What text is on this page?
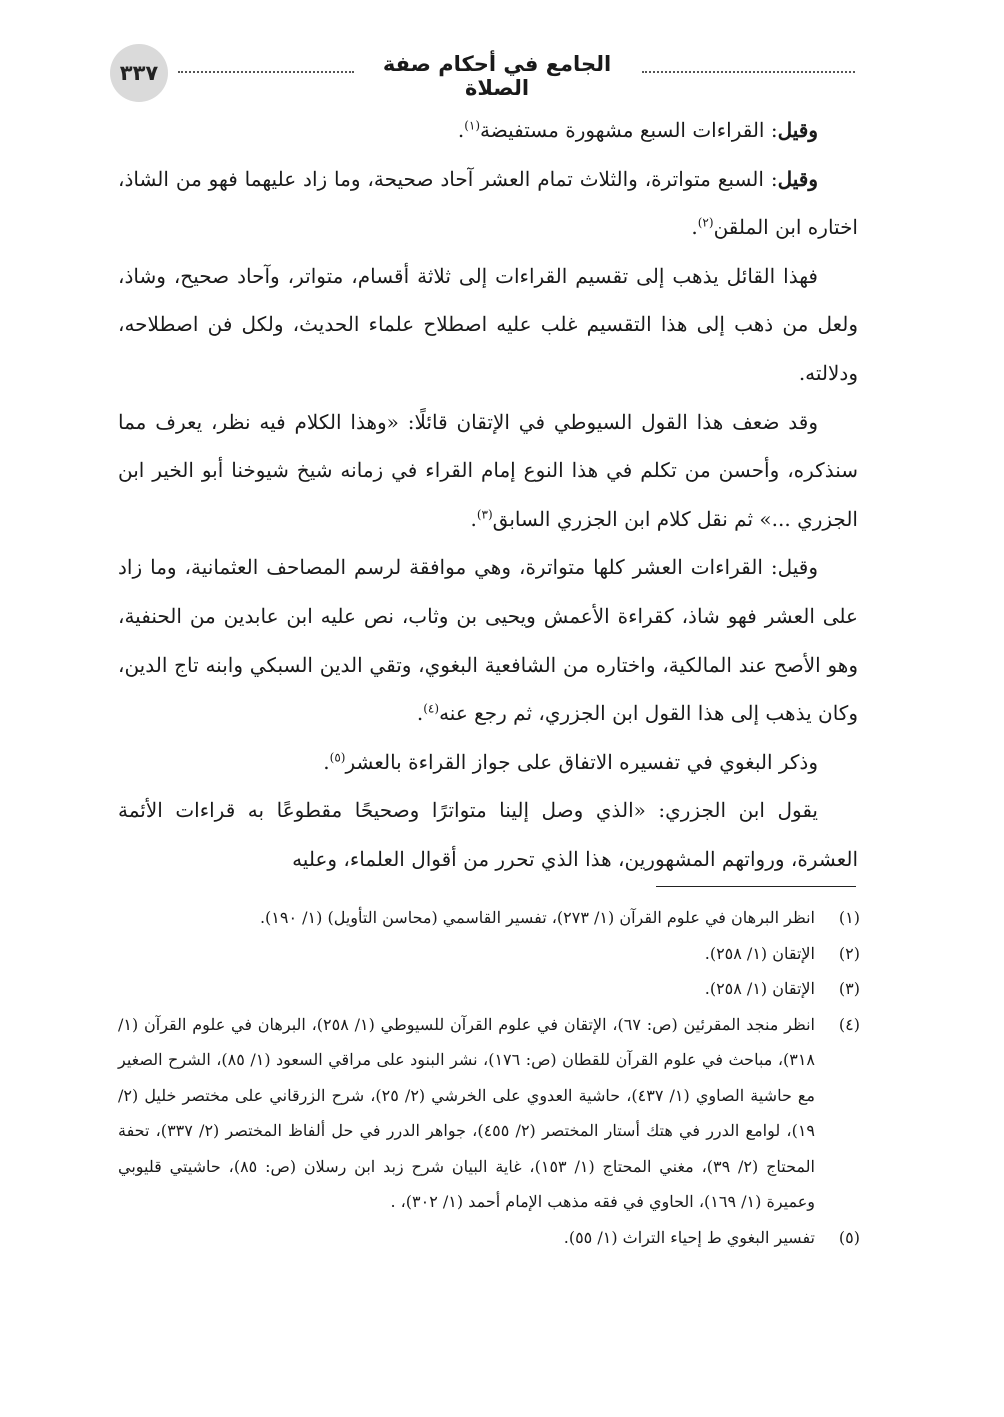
٣٣٧	الجامع في أحكام صفة الصلاة

وقيل: القراءات السبع مشهورة مستفيضة$^{(١)}$.

وقيل: السبع متواترة، والثلاث تمام العشر آحاد صحيحة، وما زاد عليهما فهو من الشاذ، اختاره ابن الملقن$^{(٢)}$.

فهذا القائل يذهب إلى تقسيم القراءات إلى ثلاثة أقسام، متواتر، وآحاد صحيح، وشاذ، ولعل من ذهب إلى هذا التقسيم غلب عليه اصطلاح علماء الحديث، ولكل فن اصطلاحه، ودلالته.

وقد ضعف هذا القول السيوطي في الإتقان قائلًا: «وهذا الكلام فيه نظر، يعرف مما سنذكره، وأحسن من تكلم في هذا النوع إمام القراء في زمانه شيخ شيوخنا أبو الخير ابن الجزري ...» ثم نقل كلام ابن الجزري السابق$^{(٣)}$.

وقيل: القراءات العشر كلها متواترة، وهي موافقة لرسم المصاحف العثمانية، وما زاد على العشر فهو شاذ، كقراءة الأعمش ويحيى بن وثاب، نص عليه ابن عابدين من الحنفية، وهو الأصح عند المالكية، واختاره من الشافعية البغوي، وتقي الدين السبكي وابنه تاج الدين، وكان يذهب إلى هذا القول ابن الجزري، ثم رجع عنه$^{(٤)}$.

وذكر البغوي في تفسيره الاتفاق على جواز القراءة بالعشر$^{(٥)}$.

يقول ابن الجزري: «الذي وصل إلينا متواترًا وصحيحًا مقطوعًا به قراءات الأئمة العشرة، ورواتهم المشهورين، هذا الذي تحرر من أقوال العلماء، وعليه

(١)
انظر البرهان في علوم القرآن (١/ ٢٧٣)، تفسير القاسمي (محاسن التأويل) (١/ ١٩٠).
(٢)
الإتقان (١/ ٢٥٨).
(٣)
الإتقان (١/ ٢٥٨).
(٤)
انظر منجد المقرئين (ص: ٦٧)، الإتقان في علوم القرآن للسيوطي (١/ ٢٥٨)، البرهان في علوم القرآن (١/ ٣١٨)، مباحث في علوم القرآن للقطان (ص: ١٧٦)، نشر البنود على مراقي السعود (١/ ٨٥)، الشرح الصغير مع حاشية الصاوي (١/ ٤٣٧)، حاشية العدوي على الخرشي (٢/ ٢٥)، شرح الزرقاني على مختصر خليل (٢/ ١٩)، لوامع الدرر في هتك أستار المختصر (٢/ ٤٥٥)، جواهر الدرر في حل ألفاظ المختصر (٢/ ٣٣٧)، تحفة المحتاج (٢/ ٣٩)، مغني المحتاج (١/ ١٥٣)، غاية البيان شرح زبد ابن رسلان (ص: ٨٥)، حاشيتي قليوبي وعميرة (١/ ١٦٩)، الحاوي في فقه مذهب الإمام أحمد (١/ ٣٠٢)، .
(٥)
تفسير البغوي ط إحياء التراث (١/ ٥٥).
